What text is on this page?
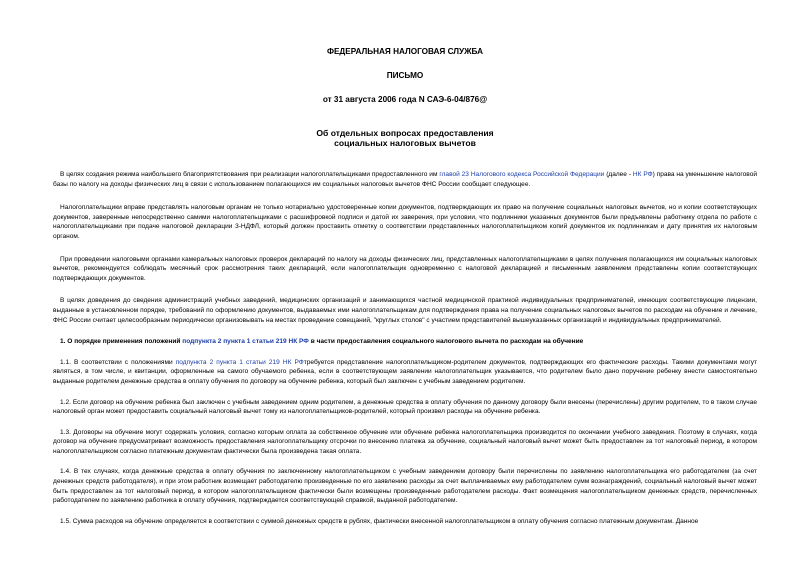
ФЕДЕРАЛЬНАЯ НАЛОГОВАЯ СЛУЖБА
ПИСЬМО
от 31 августа 2006 года N САЭ-6-04/876@
Об отдельных вопросах предоставления
социальных налоговых вычетов

В целях создания режима наибольшего благоприятствования при реализации налогоплательщиками предоставленного им главой 23 Налогового кодекса Российской Федерации (далее - НК РФ) права на уменьшение налоговой базы по налогу на доходы физических лиц в связи с использованием полагающихся им социальных налоговых вычетов ФНС России сообщает следующее.

Налогоплательщики вправе представлять налоговым органам не только нотариально удостоверенные копии документов, подтверждающих их право на получение социальных налоговых вычетов, но и копии соответствующих документов, заверенные непосредственно самими налогоплательщиками с расшифровкой подписи и датой их заверения, при условии, что подлинники указанных документов были предъявлены работнику отдела по работе с налогоплательщиками при подаче налоговой декларации 3-НДФЛ, который должен проставить отметку о соответствии представленных налогоплательщиком копий документов их подлинникам и дату принятия их налоговым органом.

При проведении налоговыми органами камеральных налоговых проверок деклараций по налогу на доходы физических лиц, представленных налогоплательщиками в целях получения полагающихся им социальных налоговых вычетов, рекомендуется соблюдать месячный срок рассмотрения таких деклараций, если налогоплательщик одновременно с налоговой декларацией и письменным заявлением представлены копии соответствующих подтверждающих документов.

В целях доведения до сведения администраций учебных заведений, медицинских организаций и занимающихся частной медицинской практикой индивидуальных предпринимателей, имеющих соответствующие лицензии, выданные в установленном порядке, требований по оформлению документов, выдаваемых ими налогоплательщикам для подтверждения права на получение социальных налоговых вычетов по расходам на обучение и лечение, ФНС России считает целесообразным периодически организовывать на местах проведение совещаний, "круглых столов" с участием представителей вышеуказанных организаций и индивидуальных предпринимателей.

1. О порядке применения положений подпункта 2 пункта 1 статьи 219 НК РФ в части предоставления социального налогового вычета по расходам на обучение

1.1. В соответствии с положениями подпункта 2 пункта 1 статьи 219 НК РФтребуется представление налогоплательщиком-родителем документов, подтверждающих его фактические расходы. Такими документами могут являться, в том числе, и квитанции, оформленные на самого обучаемого ребенка, если в соответствующем заявлении налогоплательщик указывается, что родителем было дано поручение ребенку внести самостоятельно выданные родителем денежные средства в оплату обучения по договору на обучение ребенка, который был заключен с учебным заведением родителем.

1.2. Если договор на обучение ребенка был заключен с учебным заведением одним родителем, а денежные средства в оплату обучения по данному договору были внесены (перечислены) другим родителем, то в таком случае налоговый орган может предоставить социальный налоговый вычет тому из налогоплательщиков-родителей, который произвел расходы на обучение ребенка.

1.3. Договоры на обучение могут содержать условия, согласно которым оплата за собственное обучение или обучение ребенка налогоплательщика производится по окончании учебного заведения. Поэтому в случаях, когда договор на обучение предусматривает возможность предоставления налогоплательщику отсрочки по внесению платежа за обучение, социальный налоговый вычет может быть предоставлен за тот налоговый период, в котором налогоплательщиком согласно платежным документам фактически была произведена такая оплата.

1.4. В тех случаях, когда денежные средства в оплату обучения по заключенному налогоплательщиком с учебным заведением договору были перечислены по заявлению налогоплательщика его работодателем (за счет денежных средств работодателя), и при этом работник возмещает работодателю произведенные по его заявлению расходы за счет выплачиваемых ему работодателем сумм вознаграждений, социальный налоговый вычет может быть предоставлен за тот налоговый период, в котором налогоплательщиком фактически были возмещены произведенные работодателем расходы. Факт возмещения налогоплательщиком денежных средств, перечисленных работодателем по заявлению работника в оплату обучения, подтверждается соответствующей справкой, выданной работодателем.

1.5. Сумма расходов на обучение определяется в соответствии с суммой денежных средств в рублях, фактически внесенной налогоплательщиком в оплату обучения согласно платежным документам. Данное
